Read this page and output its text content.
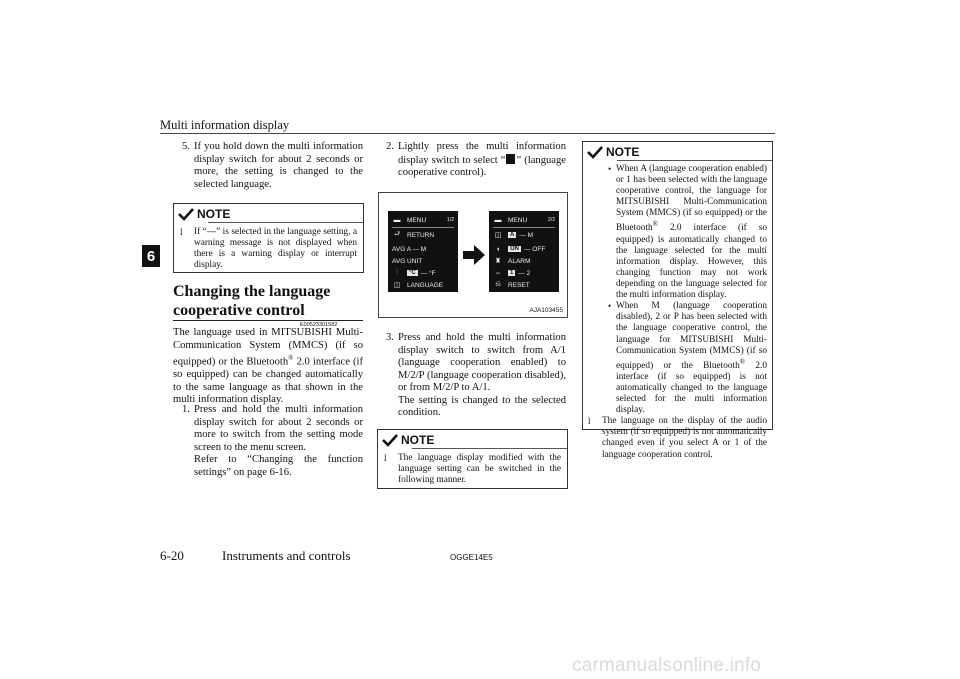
Multi information display
6
5. If you hold down the multi information display switch for about 2 seconds or more, the setting is changed to the selected language.
NOTE
l	If “---” is selected in the language setting, a warning message is not displayed when there is a warning display or interrupt display.
Changing the language cooperative control
E00523301582
The language used in MITSUBISHI Multi-Communication System (MMCS) (if so equipped) or the Bluetooth® 2.0 interface (if so equipped) can be changed automatically to the same language as that shown in the multi information display.
1. Press and hold the multi information display switch for about 2 seconds or more to switch from the setting mode screen to the menu screen.
Refer to “Changing the function settings” on page 6-16.
2. Lightly press the multi information display switch to select “ ” (language cooperative control).
▬ MENU	1/2
⮐ RETURN
AVG A — M
AVG UNIT
⫶	°C — °F
◫ LANGUAGE
▬ MENU	2/2
◫	A — M
◖	ON — OFF
♜ ALARM
⇔	1 — 2
⎌	RESET
AJA103455
3. Press and hold the multi information display switch to switch from A/1 (language cooperation enabled) to M/2/P (language cooperation disabled), or from M/2/P to A/1.
The setting is changed to the selected condition.
NOTE
l	The language display modified with the language setting can be switched in the following manner.
NOTE
• When A (language cooperation enabled) or 1 has been selected with the language cooperative control, the language for MITSUBISHI Multi-Communication System (MMCS) (if so equipped) or the Bluetooth® 2.0 interface (if so equipped) is automatically changed to the language selected for the multi information display. However, this changing function may not work depending on the language selected for the multi information display.
• When M (language cooperation disabled), 2 or P has been selected with the language cooperative control, the language for MITSUBISHI Multi-Communication System (MMCS) (if so equipped) or the Bluetooth® 2.0 interface (if so equipped) is not automatically changed to the language selected for the multi information display.
l	The language on the display of the audio system (if so equipped) is not automatically changed even if you select A or 1 of the language cooperation control.
6-20	Instruments and controls	OGGE14E5
carmanualsonline.info
